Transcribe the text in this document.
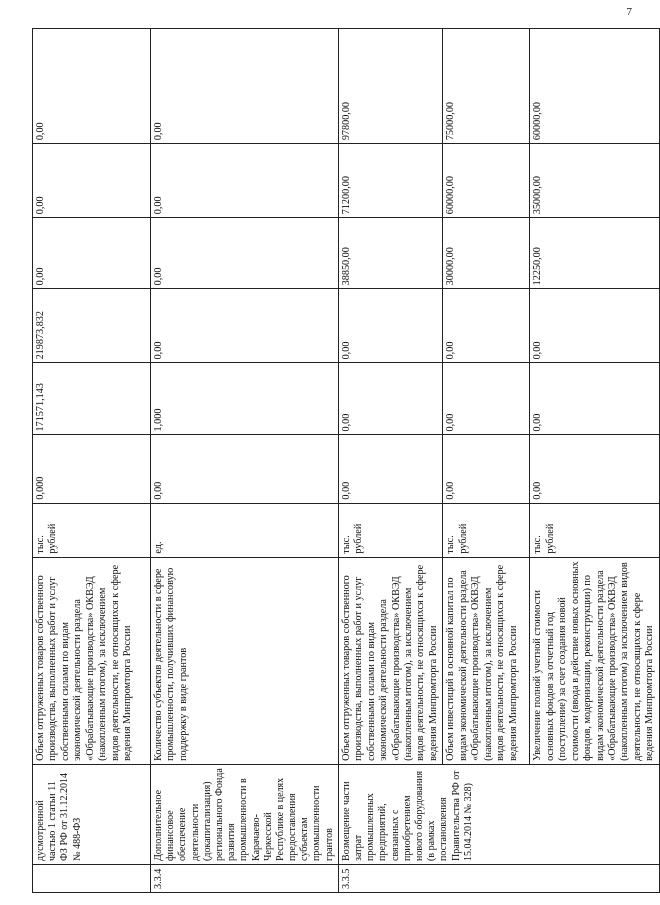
7
	дусмотренной частью 1 статьи 11 ФЗ РФ от 31.12.2014 № 488-ФЗ	Объем отгруженных товаров собственного производства, выполненных работ и услуг собственными силами по видам экономической деятельности раздела «Обрабатывающие производства» ОКВЭД (накопленным итогом), за исключением видов деятельности, не относящихся к сфере ведения Минпромторга России	тыс. рублей	0,000	171571,143	219873,832	0,00	0,00	0,00
3.3.4	Дополнительное финансовое обеспечение деятельности (докапитализация) регионального Фонда развития промышленности в Карачаево-Черкесской Республике в целях предоставления субъектам промышленности грантов	Количество субъектов деятельности в сфере промышленности, получивших финансовую поддержку в виде грантов	ед.	0,00	1,000	0,00	0,00	0,00	0,00
3.3.5	Возмещение части затрат промышленных предприятий, связанных с приобретением нового оборудования (в рамках постановления Правительства РФ от 15.04.2014 № 328)	Объем отгруженных товаров собственного производства, выполненных работ и услуг собственными силами по видам экономической деятельности раздела «Обрабатывающие производства» ОКВЭД (накопленным итогом), за исключением видов деятельности, не относящихся к сфере ведения Минпромторга России	тыс. рублей	0,00	0,00	0,00	38850,00	71200,00	97800,00
		Объем инвестиций в основной капитал по видам экономической деятельности раздела «Обрабатывающие производства» ОКВЭД (накопленным итогом), за исключением видов деятельности, не относящихся к сфере ведения Минпромторга России	тыс. рублей	0,00	0,00	0,00	30000,00	60000,00	75000,00
		Увеличение полной учетной стоимости основных фондов за отчетный год (поступление) за счет создания новой стоимости (ввода в действие новых основных фондов, модернизации, реконструкции) по видам экономической деятельности раздела «Обрабатывающие производства» ОКВЭД (накопленным итогом) за исключением видов деятельности, не относящихся к сфере ведения Минпромторга России	тыс. рублей	0,00	0,00	0,00	12250,00	35000,00	60000,00
